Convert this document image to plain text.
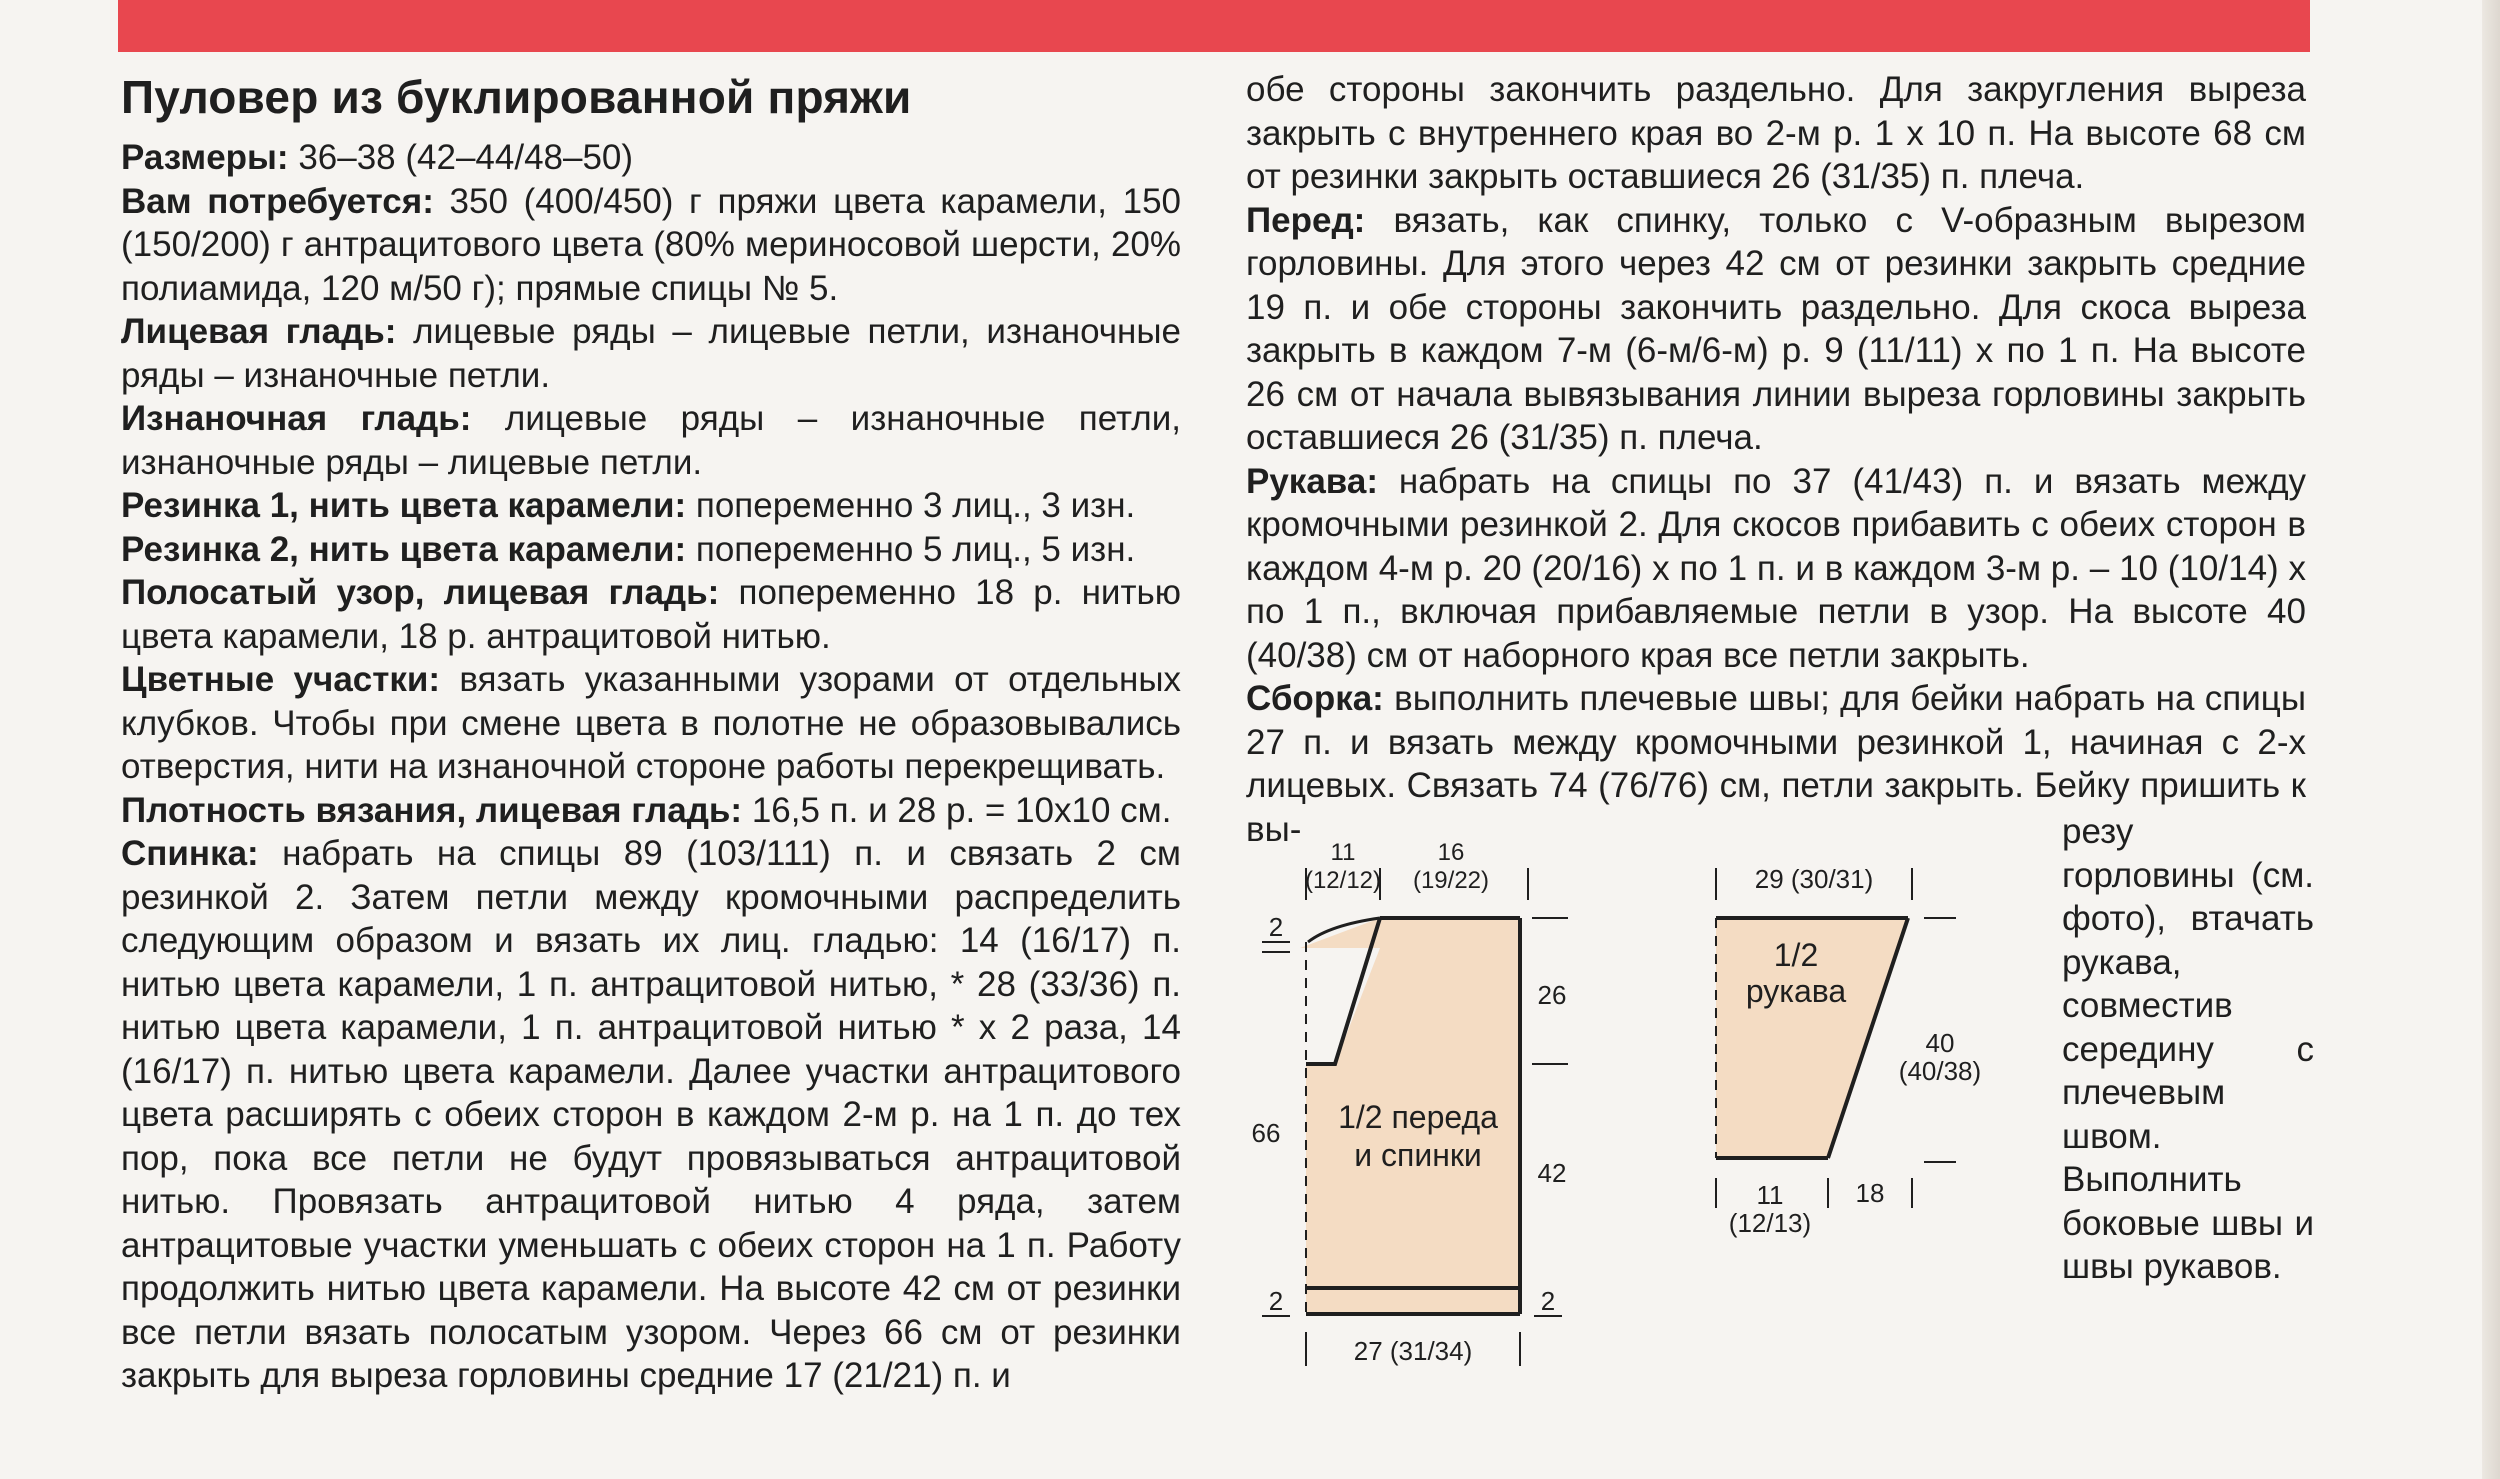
Пуловер из буклированной пряжи

Размеры: 36–38 (42–44/48–50)

Вам потребуется: 350 (400/450) г пряжи цвета карамели, 150 (150/200) г антрацитового цвета (80% мериносовой шерсти, 20% полиамида, 120 м/50 г); прямые спицы № 5.

Лицевая гладь: лицевые ряды – лицевые петли, изнаночные ряды – изнаночные петли.

Изнаночная гладь: лицевые ряды – изнаночные петли, изнаночные ряды – лицевые петли.

Резинка 1, нить цвета карамели: попеременно 3 лиц., 3 изн.

Резинка 2, нить цвета карамели: попеременно 5 лиц., 5 изн.

Полосатый узор, лицевая гладь: попеременно 18 р. нитью цвета карамели, 18 р. антрацитовой нитью.

Цветные участки: вязать указанными узорами от отдельных клубков. Чтобы при смене цвета в полотне не образовывались отверстия, нити на изнаночной стороне работы перекрещивать.

Плотность вязания, лицевая гладь: 16,5 п. и 28 р. = 10x10 см.

Спинка: набрать на спицы 89 (103/111) п. и связать 2 см резинкой 2. Затем петли между кромочными распределить следующим образом и вязать их лиц. гладью: 14 (16/17) п. нитью цвета карамели, 1 п. антрацитовой нитью, * 28 (33/36) п. нитью цвета карамели, 1 п. антрацитовой нитью * х 2 раза, 14 (16/17) п. нитью цвета карамели. Далее участки антрацитового цвета расширять с обеих сторон в каждом 2-м р. на 1 п. до тех пор, пока все петли не будут провязываться антрацитовой нитью. Провязать антрацитовой нитью 4 ряда, затем антрацитовые участки уменьшать с обеих сторон на 1 п. Работу продолжить нитью цвета карамели. На высоте 42 см от резинки все петли вязать полосатым узором. Через 66 см от резинки закрыть для выреза горловины средние 17 (21/21) п. и

обе стороны закончить раздельно. Для закругления выреза закрыть с внутреннего края во 2-м р. 1 х 10 п. На высоте 68 см от резинки закрыть оставшиеся 26 (31/35) п. плеча.

Перед: вязать, как спинку, только с V-образным вырезом горловины. Для этого через 42 см от резинки закрыть средние 19 п. и обе стороны закончить раздельно. Для скоса выреза закрыть в каждом 7-м (6-м/6-м) р. 9 (11/11) х по 1 п. На высоте 26 см от начала вывязывания линии выреза горловины закрыть оставшиеся 26 (31/35) п. плеча.

Рукава: набрать на спицы по 37 (41/43) п. и вязать между кромочными резинкой 2. Для скосов прибавить с обеих сторон в каждом 4-м р. 20 (20/16) х по 1 п. и в каждом 3-м р. – 10 (10/14) х по 1 п., включая прибавляемые петли в узор. На высоте 40 (40/38) см от наборного края все петли закрыть.

Сборка: выполнить плечевые швы; для бейки набрать на спицы 27 п. и вязать между кромочными резинкой 1, начиная с 2-х лицевых. Связать 74 (76/76) см, петли закрыть. Бейку пришить к вы-	резу горловины (см. фото), втачать рукава, совместив середину с плечевым швом. Выполнить боковые швы и швы рукавов.
1/2 переда
и спинки
11
(12/12)
16
(19/22)
2
26
66
42
2	2
27 (31/34)
1/2
рукава
29 (30/31)
40
(40/38)
11
(12/13)
18
